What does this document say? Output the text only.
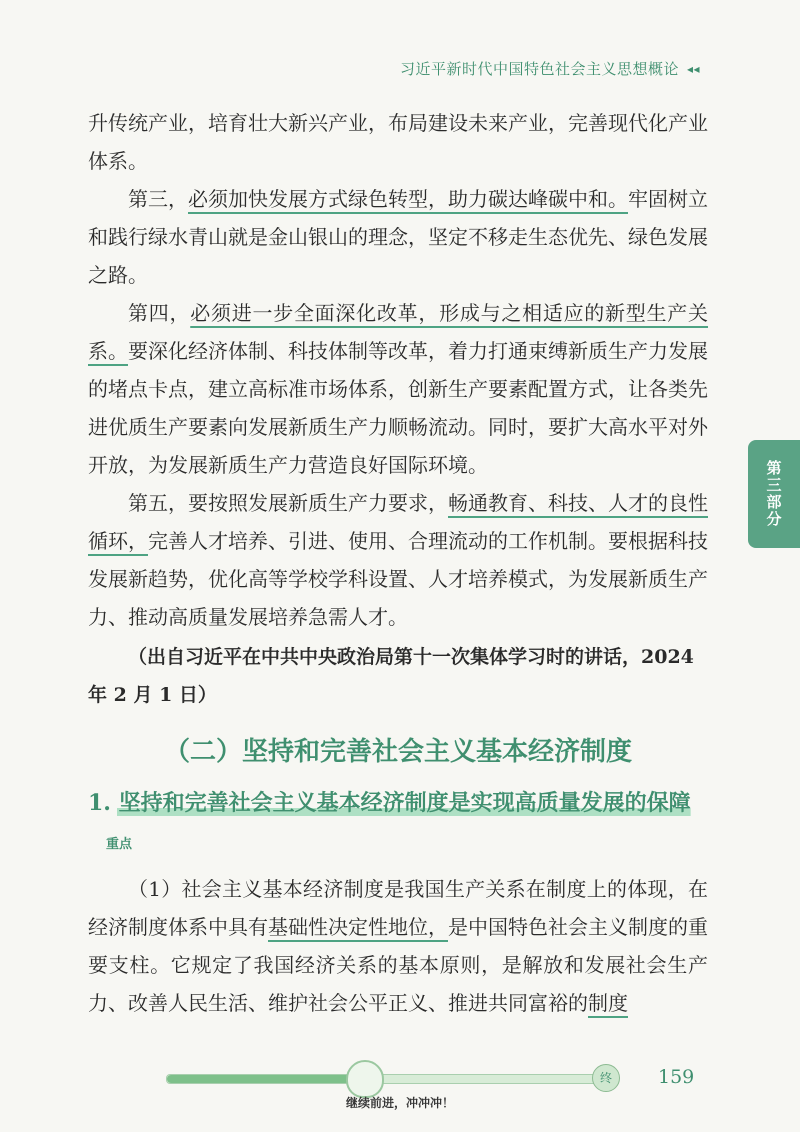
习近平新时代中国特色社会主义思想概论 ◂◂

升传统产业，培育壮大新兴产业，布局建设未来产业，完善现代化产业体系。

第三，必须加快发展方式绿色转型，助力碳达峰碳中和。牢固树立和践行绿水青山就是金山银山的理念，坚定不移走生态优先、绿色发展之路。

第四，必须进一步全面深化改革，形成与之相适应的新型生产关系。要深化经济体制、科技体制等改革，着力打通束缚新质生产力发展的堵点卡点，建立高标准市场体系，创新生产要素配置方式，让各类先进优质生产要素向发展新质生产力顺畅流动。同时，要扩大高水平对外开放，为发展新质生产力营造良好国际环境。

第五，要按照发展新质生产力要求，畅通教育、科技、人才的良性循环，完善人才培养、引进、使用、合理流动的工作机制。要根据科技发展新趋势，优化高等学校学科设置、人才培养模式，为发展新质生产力、推动高质量发展培养急需人才。

（出自习近平在中共中央政治局第十一次集体学习时的讲话，2024 年 2 月 1 日）

（二）坚持和完善社会主义基本经济制度
1. 坚持和完善社会主义基本经济制度是实现高质量发展的保障重点

（1）社会主义基本经济制度是我国生产关系在制度上的体现，在经济制度体系中具有基础性决定性地位，是中国特色社会主义制度的重要支柱。它规定了我国经济关系的基本原则，是解放和发展社会生产力、改善人民生活、维护社会公平正义、推进共同富裕的制度

第三部分
终	159
继续前进，冲冲冲！
